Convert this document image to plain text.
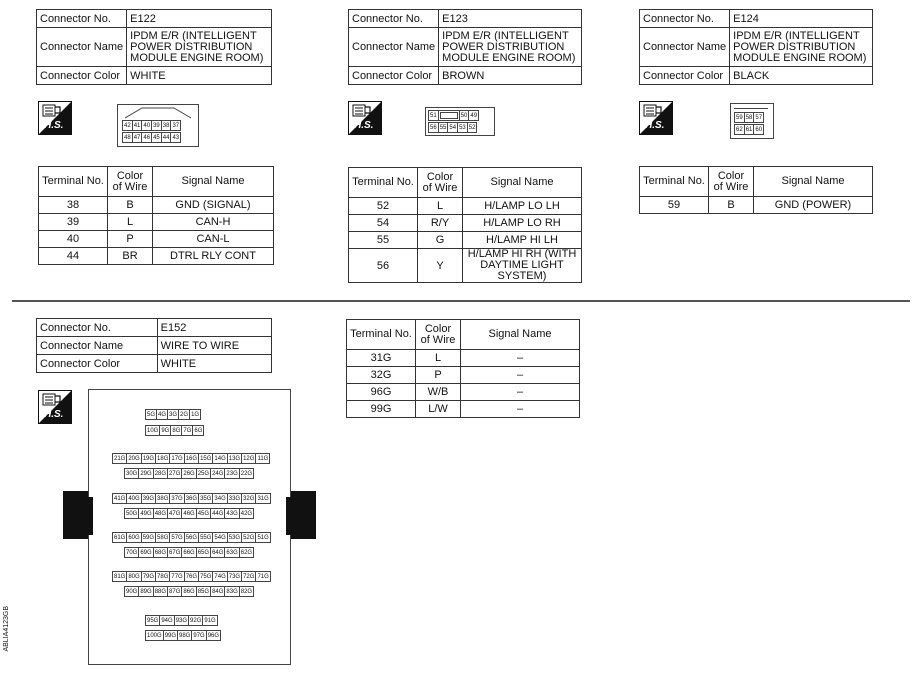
Connector No.	E122
Connector Name	IPDM E/R (INTELLIGENT POWER DISTRIBUTION MODULE ENGINE ROOM)
Connector Color	WHITE
H.S.	42 41 40 39 38 37
48 47 46 45 44 43
Terminal No.	Color of Wire	Signal Name
38	B	GND (SIGNAL)
39	L	CAN-H
40	P	CAN-L
44	BR	DTRL RLY CONT
Connector No.	E123
Connector Name	IPDM E/R (INTELLIGENT POWER DISTRIBUTION MODULE ENGINE ROOM)
Connector Color	BROWN
H.S.
51	50 49
56 55 54 53 52
Terminal No.	Color of Wire	Signal Name
52	L	H/LAMP LO LH
54	R/Y	H/LAMP LO RH
55	G	H/LAMP HI LH
56	Y	H/LAMP HI RH (WITH DAYTIME LIGHT SYSTEM)
Connector No.	E124
Connector Name	IPDM E/R (INTELLIGENT POWER DISTRIBUTION MODULE ENGINE ROOM)
Connector Color	BLACK
H.S.
59 58 57
62 61 60
Terminal No.	Color of Wire	Signal Name
59	B	GND (POWER)
Connector No.	E152
Connector Name	WIRE TO WIRE
Connector Color	WHITE
H.S.	5G 4G 3G 2G 1G
10G 9G 8G 7G 6G
21G 20G 19G 18G 17G 16G 15G 14G 13G 12G 11G
30G 29G 28G 27G 26G 25G 24G 23G 22G
41G 40G 39G 38G 37G 36G 35G 34G 33G 32G 31G
50G 49G 48G 47G 46G 45G 44G 43G 42G
61G 60G 59G 58G 57G 56G 55G 54G 53G 52G 51G
70G 69G 68G 67G 66G 65G 64G 63G 62G
81G 80G 79G 78G 77G 76G 75G 74G 73G 72G 71G
90G 89G 88G 87G 86G 85G 84G 83G 82G
95G 94G 93G 92G 91G
100G 99G 98G 97G 96G
Terminal No.	Color of Wire	Signal Name
31G	L	–
32G	P	–
96G	W/B	–
99G	L/W	–
ABLIA4123GB
